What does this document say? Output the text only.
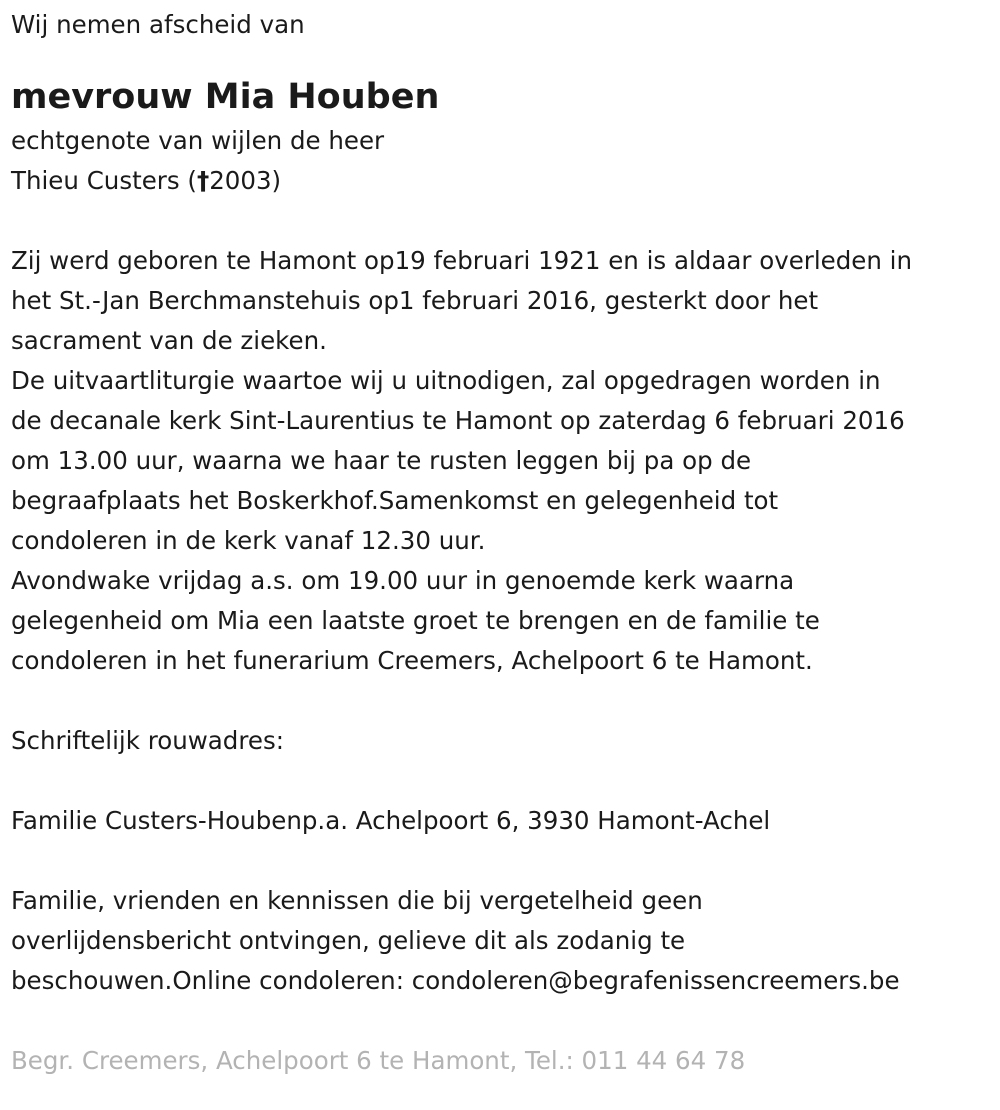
Wij nemen afscheid van
mevrouw Mia Houben
echtgenote van wijlen de heer
Thieu Custers (†2003)
Zij werd geboren te Hamont op19 februari 1921 en is aldaar overleden in
het St.-Jan Berchmanstehuis op1 februari 2016, gesterkt door het
sacrament van de zieken.
De uitvaartliturgie waartoe wij u uitnodigen, zal opgedragen worden in
de decanale kerk Sint-Laurentius te Hamont op zaterdag 6 februari 2016
om 13.00 uur, waarna we haar te rusten leggen bij pa op de
begraafplaats het Boskerkhof.Samenkomst en gelegenheid tot
condoleren in de kerk vanaf 12.30 uur.
Avondwake vrijdag a.s. om 19.00 uur in genoemde kerk waarna
gelegenheid om Mia een laatste groet te brengen en de familie te
condoleren in het funerarium Creemers, Achelpoort 6 te Hamont.
Schriftelijk rouwadres:
Familie Custers-Houbenp.a. Achelpoort 6, 3930 Hamont-Achel
Familie, vrienden en kennissen die bij vergetelheid geen
overlijdensbericht ontvingen, gelieve dit als zodanig te
beschouwen.Online condoleren: condoleren@begrafenissencreemers.be
Begr. Creemers, Achelpoort 6 te Hamont, Tel.: 011 44 64 78
